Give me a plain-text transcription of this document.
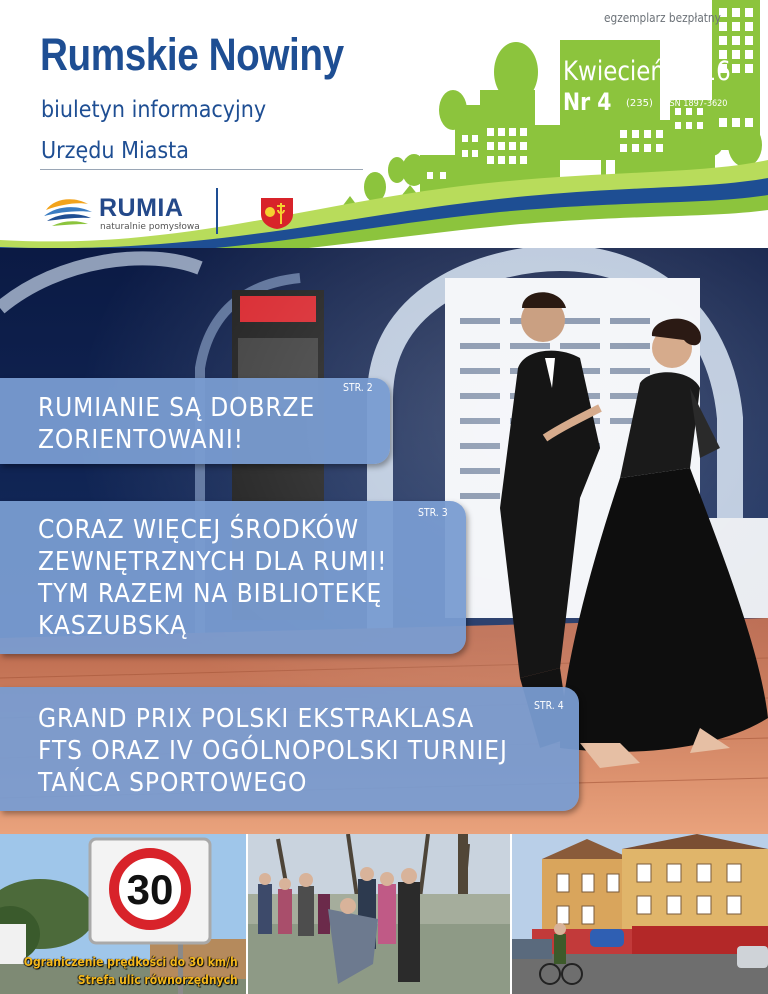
Rumskie Nowiny
biuletyn informacyjny
Urzędu Miasta
RUMIA
naturalnie pomysłowa
egzemplarz bezpłatny
Kwiecień 2016
Nr 4 (235) ISSN 1897-3620
STR. 2
RUMIANIE SĄ DOBRZE
ZORIENTOWANI!
STR. 3
CORAZ WIĘCEJ ŚRODKÓW
ZEWNĘTRZNYCH DLA RUMI!
TYM RAZEM NA BIBLIOTEKĘ
KASZUBSKĄ
STR. 4
GRAND PRIX POLSKI EKSTRAKLASA
FTS ORAZ IV OGÓLNOPOLSKI TURNIEJ
TAŃCA SPORTOWEGO
30
Ograniczenie prędkości do 30 km/h
Strefa ulic równorzędnych
